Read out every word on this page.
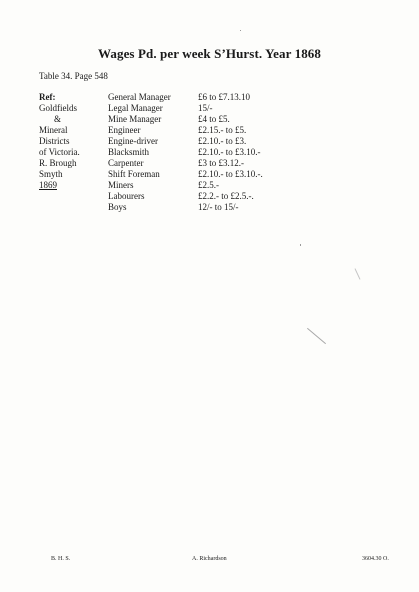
Wages Pd. per week S’Hurst. Year 1868
Table 34. Page 548
Ref:
Goldfields
&
Mineral
Districts
of Victoria.
R. Brough
Smyth
1869
General Manager
Legal Manager
Mine Manager
Engineer
Engine-driver
Blacksmith
Carpenter
Shift Foreman
Miners
Labourers
Boys
£6 to £7.13.10
15/-
£4 to £5.
£2.15.- to £5.
£2.10.- to £3.
£2.10.- to £3.10.-
£3 to £3.12.-
£2.10.- to £3.10.-.
£2.5.-
£2.2.- to £2.5.-.
12/- to 15/-
B. H. S.	A. Richardson	3604.30 O.
